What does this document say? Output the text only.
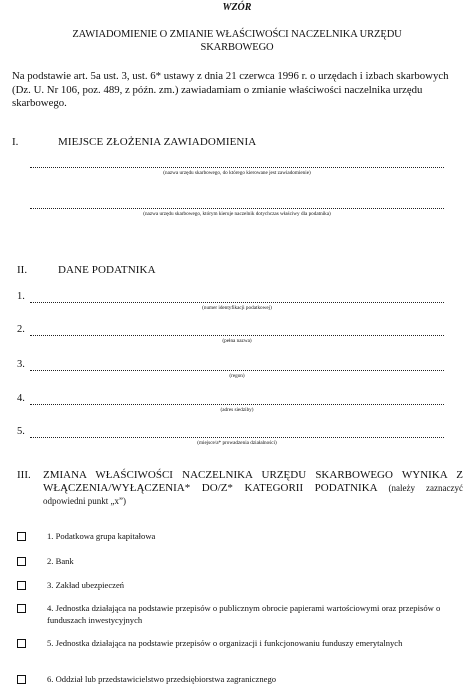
WZÓR
ZAWIADOMIENIE O ZMIANIE WŁAŚCIWOŚCI NACZELNIKA URZĘDU
SKARBOWEGO
Na podstawie art. 5a ust. 3, ust. 6* ustawy z dnia 21 czerwca 1996 r. o urzędach i izbach skarbowych (Dz. U. Nr 106, poz. 489, z późn. zm.) zawiadamiam o zmianie właściwości naczelnika urzędu skarbowego.
I.	MIEJSCE ZŁOŻENIA ZAWIADOMIENIA
(nazwa urzędu skarbowego, do którego kierowane jest zawiadomienie)
(nazwa urzędu skarbowego, którym kieruje naczelnik dotychczas właściwy dla podatnika)
II.	DANE PODATNIKA
1.
(numer identyfikacji podatkowej)
2.
(pełna nazwa)
3.
(regon)
4.
(adres siedziby)
5.
(miejsce/a* prowadzenia działalności)
III. ZMIANA WŁAŚCIWOŚCI NACZELNIKA URZĘDU SKARBOWEGO WYNIKA Z WŁĄCZENIA/WYŁĄCZENIA* DO/Z* KATEGORII PODATNIKA (należy zaznaczyć odpowiedni punkt „x”)
1. Podatkowa grupa kapitałowa
2. Bank
3. Zakład ubezpieczeń
4. Jednostka działająca na podstawie przepisów o publicznym obrocie papierami wartościowymi oraz przepisów o funduszach inwestycyjnych
5. Jednostka działająca na podstawie przepisów o organizacji i funkcjonowaniu funduszy emerytalnych
6. Oddział lub przedstawicielstwo przedsiębiorstwa zagranicznego
